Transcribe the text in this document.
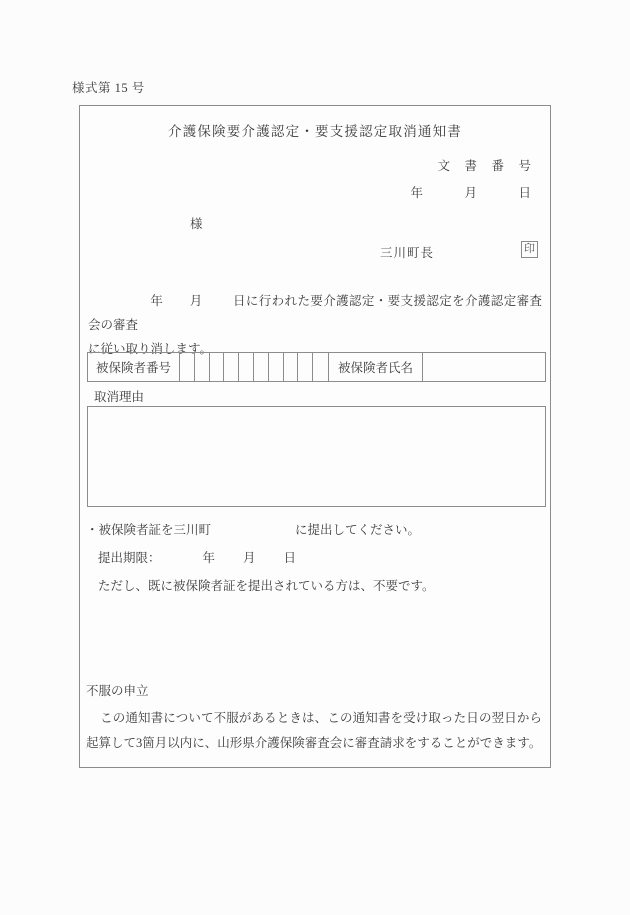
様式第 15 号
介護保険要介護認定・要支援認定取消通知書
文　書　番　号
年　　　月　　　日
様
三川町長	印
年 月 日に行われた要介護認定・要支援認定を介護認定審査会の審査
に従い取り消します。
被保険者番号	被保険者氏名
取消理由
・被保険者証を三川町	に提出してください。
提出期限：	年 月 日
ただし、既に被保険者証を提出されている方は、不要です。
不服の申立
この通知書について不服があるときは、この通知書を受け取った日の翌日から起算して3箇月以内に、山形県介護保険審査会に審査請求をすることができます。
